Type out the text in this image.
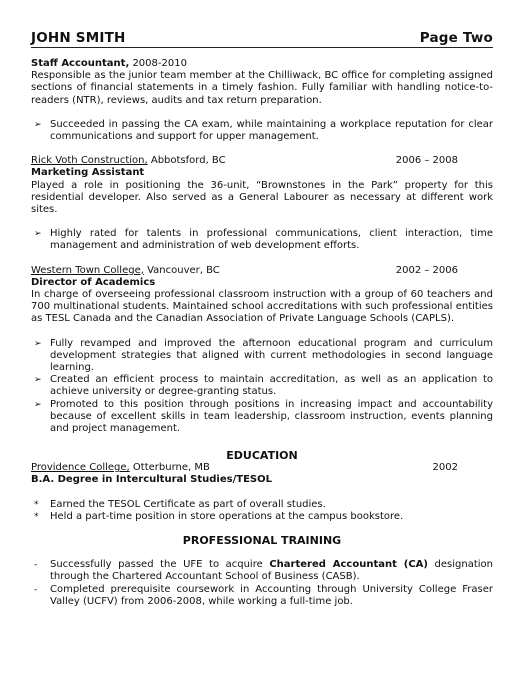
JOHN SMITH	Page Two
Staff Accountant, 2008-2010
Responsible as the junior team member at the Chilliwack, BC office for completing assigned sections of financial statements in a timely fashion. Fully familiar with handling notice-to-readers (NTR), reviews, audits and tax return preparation.
➢ Succeeded in passing the CA exam, while maintaining a workplace reputation for clear communications and support for upper management.
Rick Voth Construction, Abbotsford, BC	2006 – 2008
Marketing Assistant
Played a role in positioning the 36-unit, “Brownstones in the Park” property for this residential developer. Also served as a General Labourer as necessary at different work sites.
➢ Highly rated for talents in professional communications, client interaction, time management and administration of web development efforts.
Western Town College, Vancouver, BC	2002 – 2006
Director of Academics
In charge of overseeing professional classroom instruction with a group of 60 teachers and 700 multinational students. Maintained school accreditations with such professional entities as TESL Canada and the Canadian Association of Private Language Schools (CAPLS).
➢ Fully revamped and improved the afternoon educational program and curriculum development strategies that aligned with current methodologies in second language learning.
➢ Created an efficient process to maintain accreditation, as well as an application to achieve university or degree-granting status.
➢ Promoted to this position through positions in increasing impact and accountability because of excellent skills in team leadership, classroom instruction, events planning and project management.
EDUCATION
Providence College, Otterburne, MB	2002
B.A. Degree in Intercultural Studies/TESOL
* Earned the TESOL Certificate as part of overall studies.
* Held a part-time position in store operations at the campus bookstore.
PROFESSIONAL TRAINING
- Successfully passed the UFE to acquire Chartered Accountant (CA) designation through the Chartered Accountant School of Business (CASB).
- Completed prerequisite coursework in Accounting through University College Fraser Valley (UCFV) from 2006-2008, while working a full-time job.
